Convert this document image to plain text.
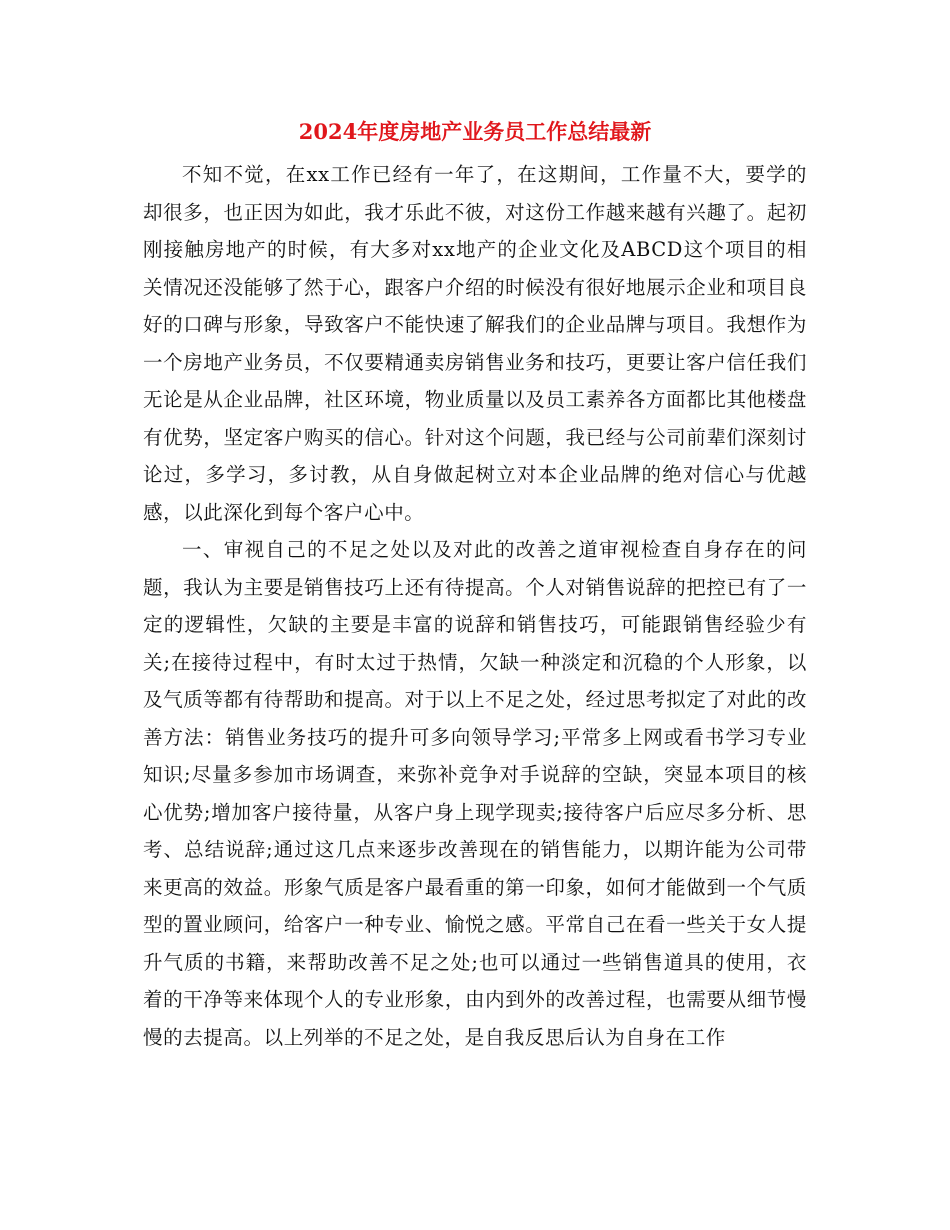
2024年度房地产业务员工作总结最新

不知不觉，在xx工作已经有一年了，在这期间，工作量不大，要学的却很多，也正因为如此，我才乐此不彼，对这份工作越来越有兴趣了。起初刚接触房地产的时候，有大多对xx地产的企业文化及ABCD这个项目的相关情况还没能够了然于心，跟客户介绍的时候没有很好地展示企业和项目良好的口碑与形象，导致客户不能快速了解我们的企业品牌与项目。我想作为一个房地产业务员，不仅要精通卖房销售业务和技巧，更要让客户信任我们无论是从企业品牌，社区环境，物业质量以及员工素养各方面都比其他楼盘有优势，坚定客户购买的信心。针对这个问题，我已经与公司前辈们深刻讨论过，多学习，多讨教，从自身做起树立对本企业品牌的绝对信心与优越感，以此深化到每个客户心中。

一、审视自己的不足之处以及对此的改善之道审视检查自身存在的问题，我认为主要是销售技巧上还有待提高。个人对销售说辞的把控已有了一定的逻辑性，欠缺的主要是丰富的说辞和销售技巧，可能跟销售经验少有关;在接待过程中，有时太过于热情，欠缺一种淡定和沉稳的个人形象，以及气质等都有待帮助和提高。对于以上不足之处，经过思考拟定了对此的改善方法：销售业务技巧的提升可多向领导学习;平常多上网或看书学习专业知识;尽量多参加市场调查，来弥补竞争对手说辞的空缺，突显本项目的核心优势;增加客户接待量，从客户身上现学现卖;接待客户后应尽多分析、思考、总结说辞;通过这几点来逐步改善现在的销售能力，以期许能为公司带来更高的效益。形象气质是客户最看重的第一印象，如何才能做到一个气质型的置业顾问，给客户一种专业、愉悦之感。平常自己在看一些关于女人提升气质的书籍，来帮助改善不足之处;也可以通过一些销售道具的使用，衣着的干净等来体现个人的专业形象，由内到外的改善过程，也需要从细节慢慢的去提高。以上列举的不足之处，是自我反思后认为自身在工作
